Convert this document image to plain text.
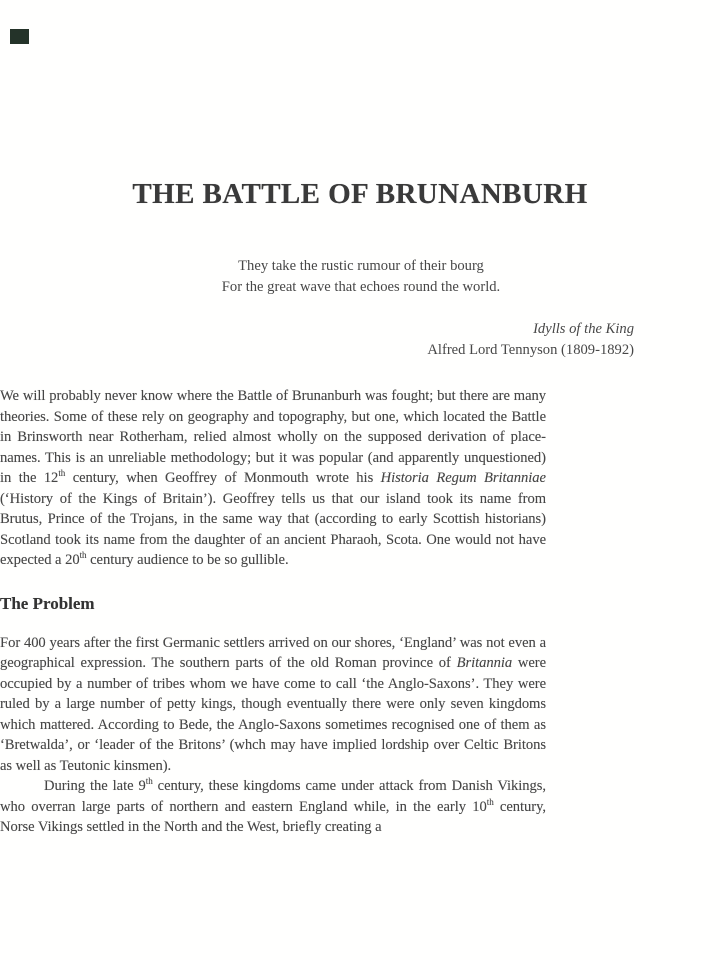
THE BATTLE OF BRUNANBURH
They take the rustic rumour of their bourg
For the great wave that echoes round the world.
Idylls of the King
Alfred Lord Tennyson (1809-1892)

We will probably never know where the Battle of Brunanburh was fought; but there are many theories. Some of these rely on geography and topography, but one, which located the Battle in Brinsworth near Rotherham, relied almost wholly on the supposed derivation of place-names. This is an unreliable methodology; but it was popular (and apparently unquestioned) in the 12th century, when Geoffrey of Monmouth wrote his Historia Regum Britanniae (‘History of the Kings of Britain’). Geoffrey tells us that our island took its name from Brutus, Prince of the Trojans, in the same way that (according to early Scottish historians) Scotland took its name from the daughter of an ancient Pharaoh, Scota. One would not have expected a 20th century audience to be so gullible.

The Problem

For 400 years after the first Germanic settlers arrived on our shores, ‘England’ was not even a geographical expression. The southern parts of the old Roman province of Britannia were occupied by a number of tribes whom we have come to call ‘the Anglo-Saxons’. They were ruled by a large number of petty kings, though eventually there were only seven kingdoms which mattered. According to Bede, the Anglo-Saxons sometimes recognised one of them as ‘Bretwalda’, or ‘leader of the Britons’ (whch may have implied lordship over Celtic Britons as well as Teutonic kinsmen).

During the late 9th century, these kingdoms came under attack from Danish Vikings, who overran large parts of northern and eastern England while, in the early 10th century, Norse Vikings settled in the North and the West, briefly creating a
